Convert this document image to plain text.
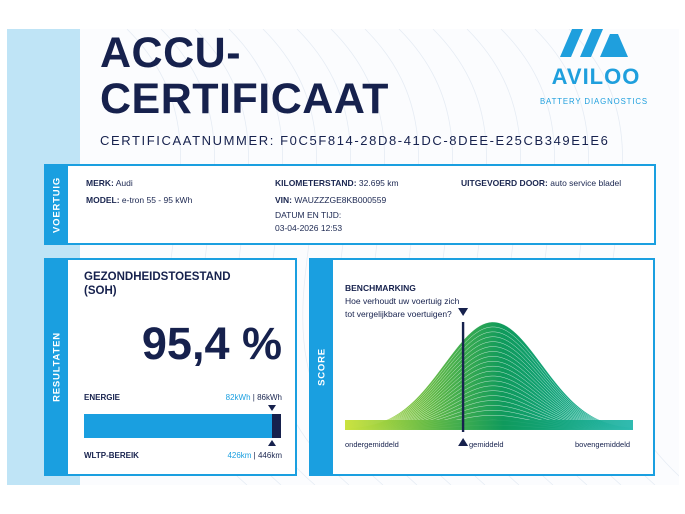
ACCU-
CERTIFICAAT
CERTIFICAATNUMMER: F0C5F814-28D8-41DC-8DEE-E25CB349E1E6
AVILOO
BATTERY DIAGNOSTICS
VOERTUIG	MERK: Audi
MODEL: e-tron 55 - 95 kWh
KILOMETERSTAND: 32.695 km
VIN: WAUZZZGE8KB000559
DATUM EN TIJD:
03-04-2026 12:53
UITGEVOERD DOOR: auto service bladel
RESULTATEN
GEZONDHEIDSTOESTAND (SOH)
95,4 %
ENERGIE	82kWh | 86kWh
WLTP-BEREIK	426km | 446km
SCORE
BENCHMARKING
Hoe verhoudt uw voertuig zich tot vergelijkbare voertuigen?
ondergemiddeld	gemiddeld	bovengemiddeld
